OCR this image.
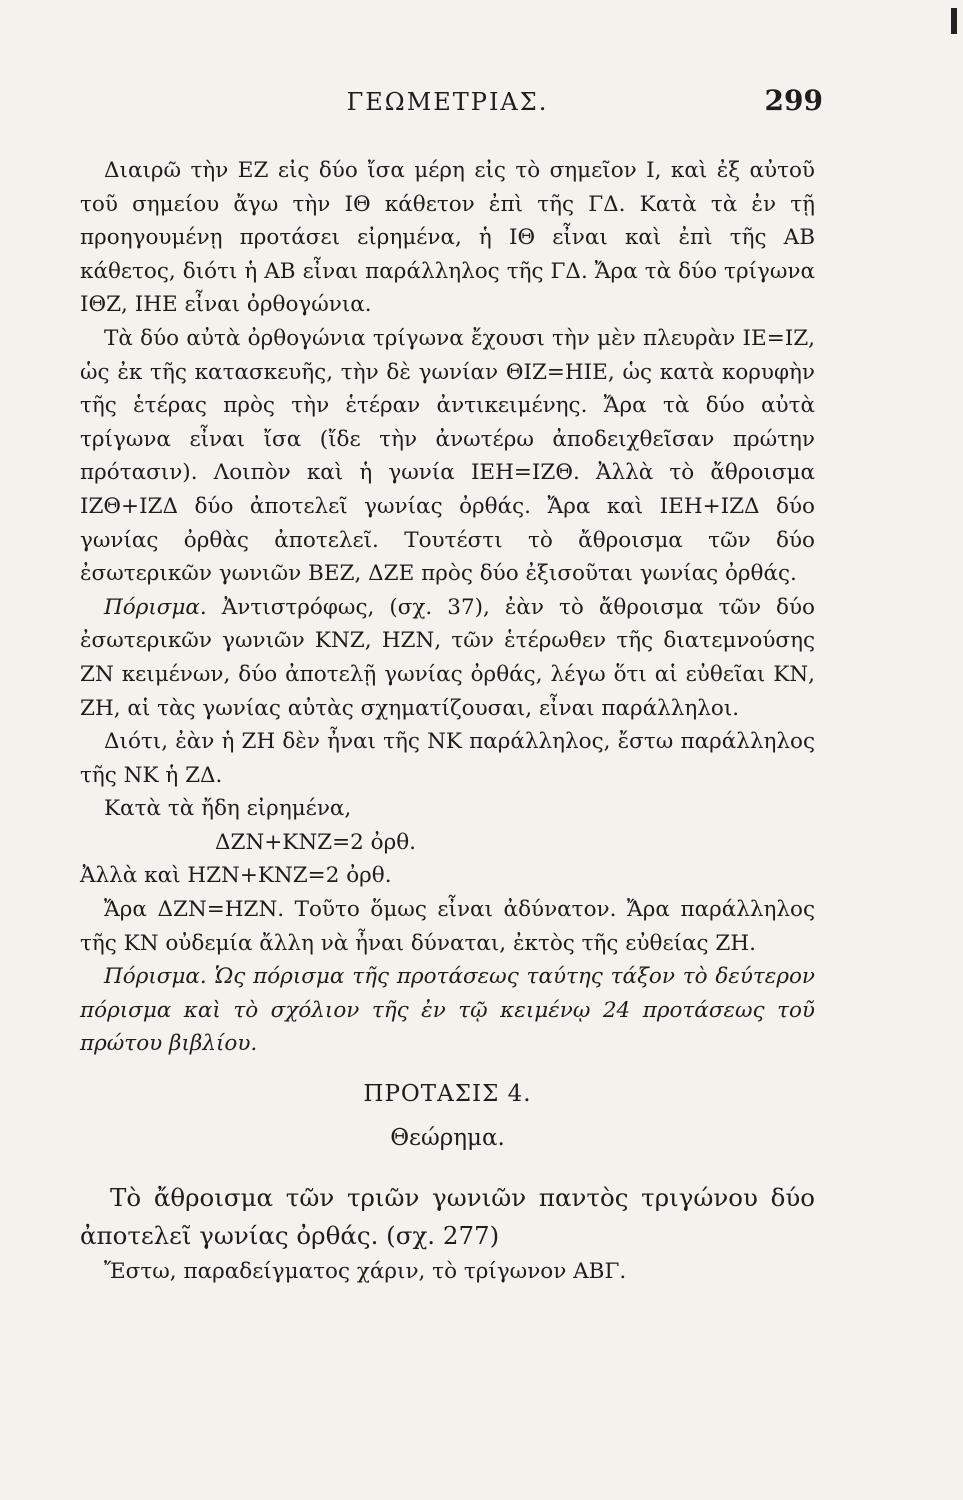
ΓΕΩΜΕΤΡΙΑΣ.	299

Διαιρῶ τὴν ΕΖ εἰς δύο ἴσα μέρη εἰς τὸ σημεῖον Ι, καὶ ἐξ αὐτοῦ τοῦ σημείου ἄγω τὴν ΙΘ κάθετον ἐπὶ τῆς ΓΔ. Κατὰ τὰ ἐν τῇ προηγουμένῃ προτάσει εἰρημένα, ἡ ΙΘ εἶναι καὶ ἐπὶ τῆς ΑΒ κάθετος, διότι ἡ ΑΒ εἶναι παράλληλος τῆς ΓΔ. Ἄρα τὰ δύο τρίγωνα ΙΘΖ, ΙΗΕ εἶναι ὀρθογώνια.

Τὰ δύο αὐτὰ ὀρθογώνια τρίγωνα ἔχουσι τὴν μὲν πλευρὰν ΙΕ=ΙΖ, ὡς ἐκ τῆς κατασκευῆς, τὴν δὲ γωνίαν ΘΙΖ=ΗΙΕ, ὡς κατὰ κορυφὴν τῆς ἑτέρας πρὸς τὴν ἑτέραν ἀντικειμένης. Ἄρα τὰ δύο αὐτὰ τρίγωνα εἶναι ἴσα (ἴδε τὴν ἀνωτέρω ἀποδειχθεῖσαν πρώτην πρότασιν). Λοιπὸν καὶ ἡ γωνία ΙΕΗ=ΙΖΘ. Ἀλλὰ τὸ ἄθροισμα ΙΖΘ+ΙΖΔ δύο ἀποτελεῖ γωνίας ὀρθάς. Ἄρα καὶ ΙΕΗ+ΙΖΔ δύο γωνίας ὀρθὰς ἀποτελεῖ. Τουτέστι τὸ ἄθροισμα τῶν δύο ἐσωτερικῶν γωνιῶν ΒΕΖ, ΔΖΕ πρὸς δύο ἐξισοῦται γωνίας ὀρθάς.

Πόρισμα. Ἀντιστρόφως, (σχ. 37), ἐὰν τὸ ἄθροισμα τῶν δύο ἐσωτερικῶν γωνιῶν ΚΝΖ, ΗΖΝ, τῶν ἑτέρωθεν τῆς διατεμνούσης ΖΝ κειμένων, δύο ἀποτελῇ γωνίας ὀρθάς, λέγω ὅτι αἱ εὐθεῖαι ΚΝ, ΖΗ, αἱ τὰς γωνίας αὐτὰς σχηματίζουσαι, εἶναι παράλληλοι.

Διότι, ἐὰν ἡ ΖΗ δὲν ἦναι τῆς ΝΚ παράλληλος, ἔστω παράλληλος τῆς ΝΚ ἡ ΖΔ.

Κατὰ τὰ ἤδη εἰρημένα,

ΔΖΝ+ΚΝΖ=2 ὀρθ.

Ἀλλὰ καὶ ΗΖΝ+ΚΝΖ=2 ὀρθ.

Ἄρα ΔΖΝ=ΗΖΝ. Τοῦτο ὅμως εἶναι ἀδύνατον. Ἄρα παράλληλος τῆς ΚΝ οὐδεμία ἄλλη νὰ ἦναι δύναται, ἐκτὸς τῆς εὐθείας ΖΗ.

Πόρισμα. Ὡς πόρισμα τῆς προτάσεως ταύτης τάξον τὸ δεύτερον πόρισμα καὶ τὸ σχόλιον τῆς ἐν τῷ κειμένῳ 24 προτάσεως τοῦ πρώτου βιβλίου.

ΠΡΟΤΑΣΙΣ 4.
Θεώρημα.

Τὸ ἄθροισμα τῶν τριῶν γωνιῶν παντὸς τριγώνου δύο ἀποτελεῖ γωνίας ὀρθάς. (σχ. 277)

Ἔστω, παραδείγματος χάριν, τὸ τρίγωνον ΑΒΓ.
